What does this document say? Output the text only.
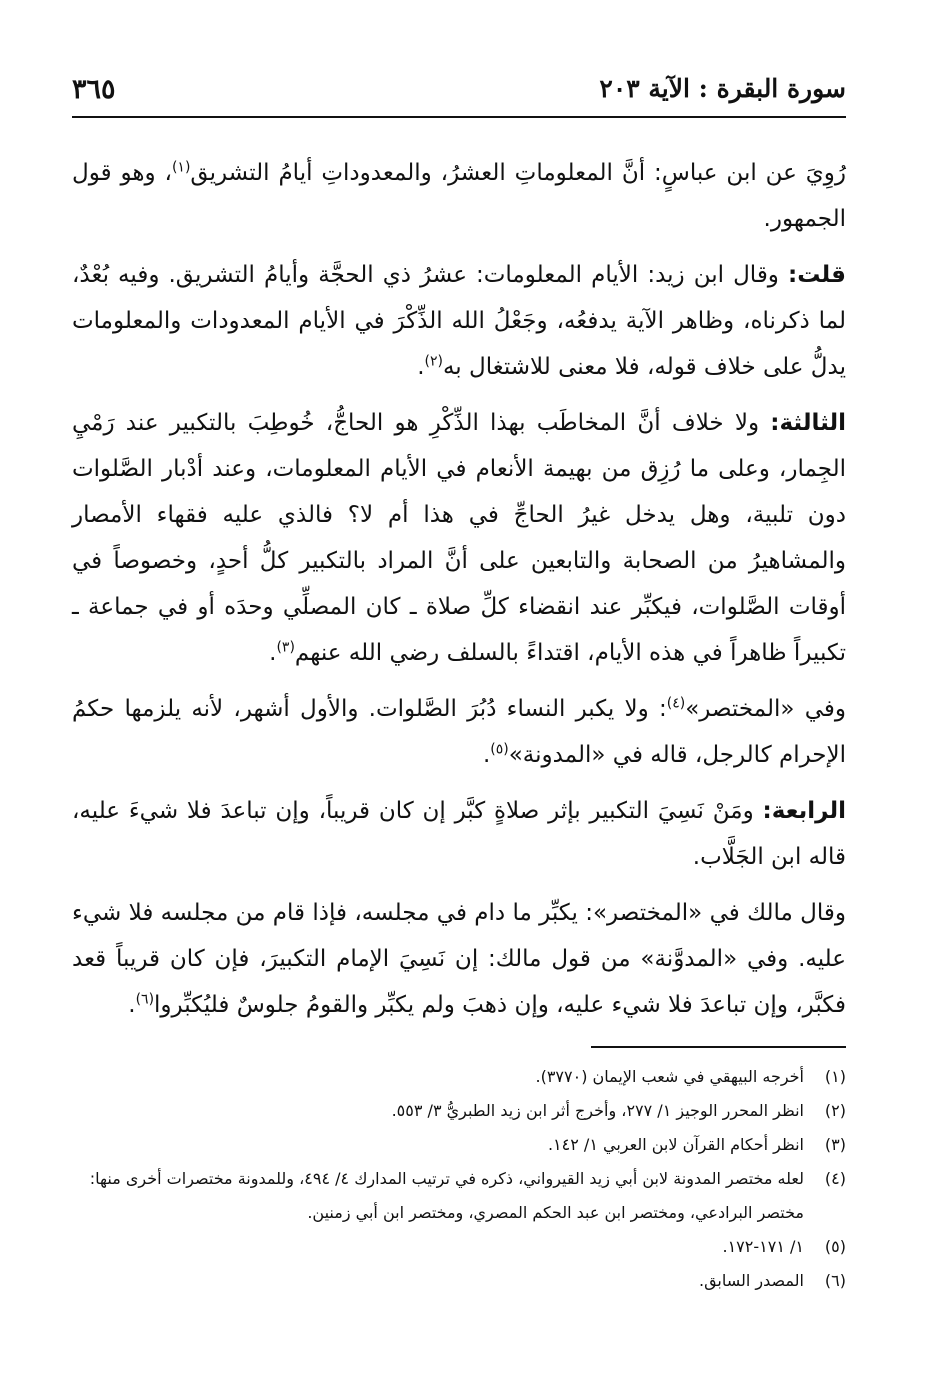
سورة البقرة : الآية ٢٠٣
٣٦٥

رُوِيَ عن ابن عباسٍ: أنَّ المعلوماتِ العشرُ، والمعدوداتِ أيامُ التشريق$^{(١)}$، وهو قول الجمهور.

قلت: وقال ابن زيد: الأيام المعلومات: عشرُ ذي الحجَّة وأيامُ التشريق. وفيه بُعْدٌ، لما ذكرناه، وظاهر الآية يدفعُه، وجَعْلُ الله الذِّكْرَ في الأيام المعدودات والمعلومات يدلُّ على خلاف قوله، فلا معنى للاشتغال به$^{(٢)}$.

الثالثة: ولا خلاف أنَّ المخاطَب بهذا الذِّكْرِ هو الحاجُّ، خُوطِبَ بالتكبير عند رَمْيِ الجِمار، وعلى ما رُزِق من بهيمة الأنعام في الأيام المعلومات، وعند أدْبار الصَّلوات دون تلبية، وهل يدخل غيرُ الحاجِّ في هذا أم لا؟ فالذي عليه فقهاء الأمصار والمشاهيرُ من الصحابة والتابعين على أنَّ المراد بالتكبير كلُّ أحدٍ، وخصوصاً في أوقات الصَّلوات، فيكبِّر عند انقضاء كلِّ صلاة ـ كان المصلِّي وحدَه أو في جماعة ـ تكبيراً ظاهراً في هذه الأيام، اقتداءً بالسلف رضي الله عنهم$^{(٣)}$.

وفي «المختصر»$^{(٤)}$: ولا يكبر النساء دُبُرَ الصَّلوات. والأول أشهر، لأنه يلزمها حكمُ الإحرام كالرجل، قاله في «المدونة»$^{(٥)}$.

الرابعة: ومَنْ نَسِيَ التكبير بإثر صلاةٍ كبَّر إن كان قريباً، وإن تباعدَ فلا شيءَ عليه، قاله ابن الجَلَّاب.

وقال مالك في «المختصر»: يكبِّر ما دام في مجلسه، فإذا قام من مجلسه فلا شيء عليه. وفي «المدوَّنة» من قول مالك: إن نَسِيَ الإمام التكبيرَ، فإن كان قريباً قعد فكبَّر، وإن تباعدَ فلا شيء عليه، وإن ذهبَ ولم يكبِّر والقومُ جلوسٌ فليُكبِّروا$^{(٦)}$.

(١)
أخرجه البيهقي في شعب الإيمان (٣٧٧٠).
(٢)
انظر المحرر الوجيز ١/ ٢٧٧، وأخرج أثر ابن زيد الطبريُّ ٣/ ٥٥٣.
(٣)
انظر أحكام القرآن لابن العربي ١/ ١٤٢.
(٤)
لعله مختصر المدونة لابن أبي زيد القيرواني، ذكره في ترتيب المدارك ٤/ ٤٩٤، وللمدونة مختصرات أخرى منها: مختصر البرادعي، ومختصر ابن عبد الحكم المصري، ومختصر ابن أبي زمنين.
(٥)
١/ ١٧١-١٧٢.
(٦)
المصدر السابق.
